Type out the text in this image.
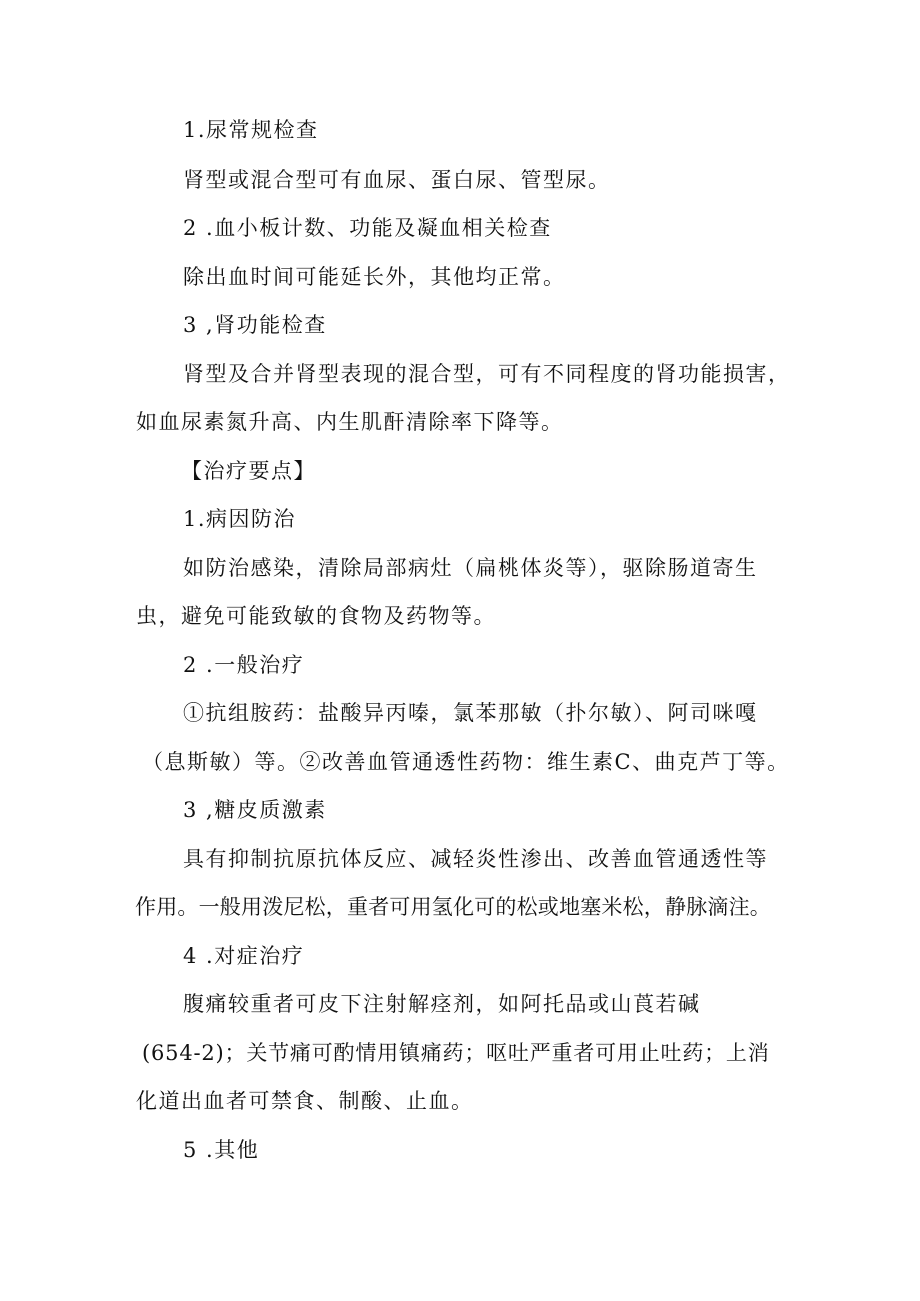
1.尿常规检查
肾型或混合型可有血尿、蛋白尿、管型尿。
2 .血小板计数、功能及凝血相关检查
除出血时间可能延长外，其他均正常。
3 ,肾功能检查
肾型及合并肾型表现的混合型，可有不同程度的肾功能损害，
如血尿素氮升高、内生肌酐清除率下降等。
【治疗要点】
1.病因防治
如防治感染，清除局部病灶（扁桃体炎等），驱除肠道寄生
虫，避免可能致敏的食物及药物等。
2 .一般治疗
①抗组胺药：盐酸异丙嗪，氯苯那敏（扑尔敏）、阿司咪嘎
（息斯敏）等。②改善血管通透性药物：维生素C、曲克芦丁等。
3 ,糖皮质激素
具有抑制抗原抗体反应、减轻炎性渗出、改善血管通透性等
作用。一般用泼尼松，重者可用氢化可的松或地塞米松，静脉滴注。
4 .对症治疗
腹痛较重者可皮下注射解痉剂，如阿托品或山莨若碱
(654-2)；关节痛可酌情用镇痛药；呕吐严重者可用止吐药；上消
化道出血者可禁食、制酸、止血。
5 .其他
